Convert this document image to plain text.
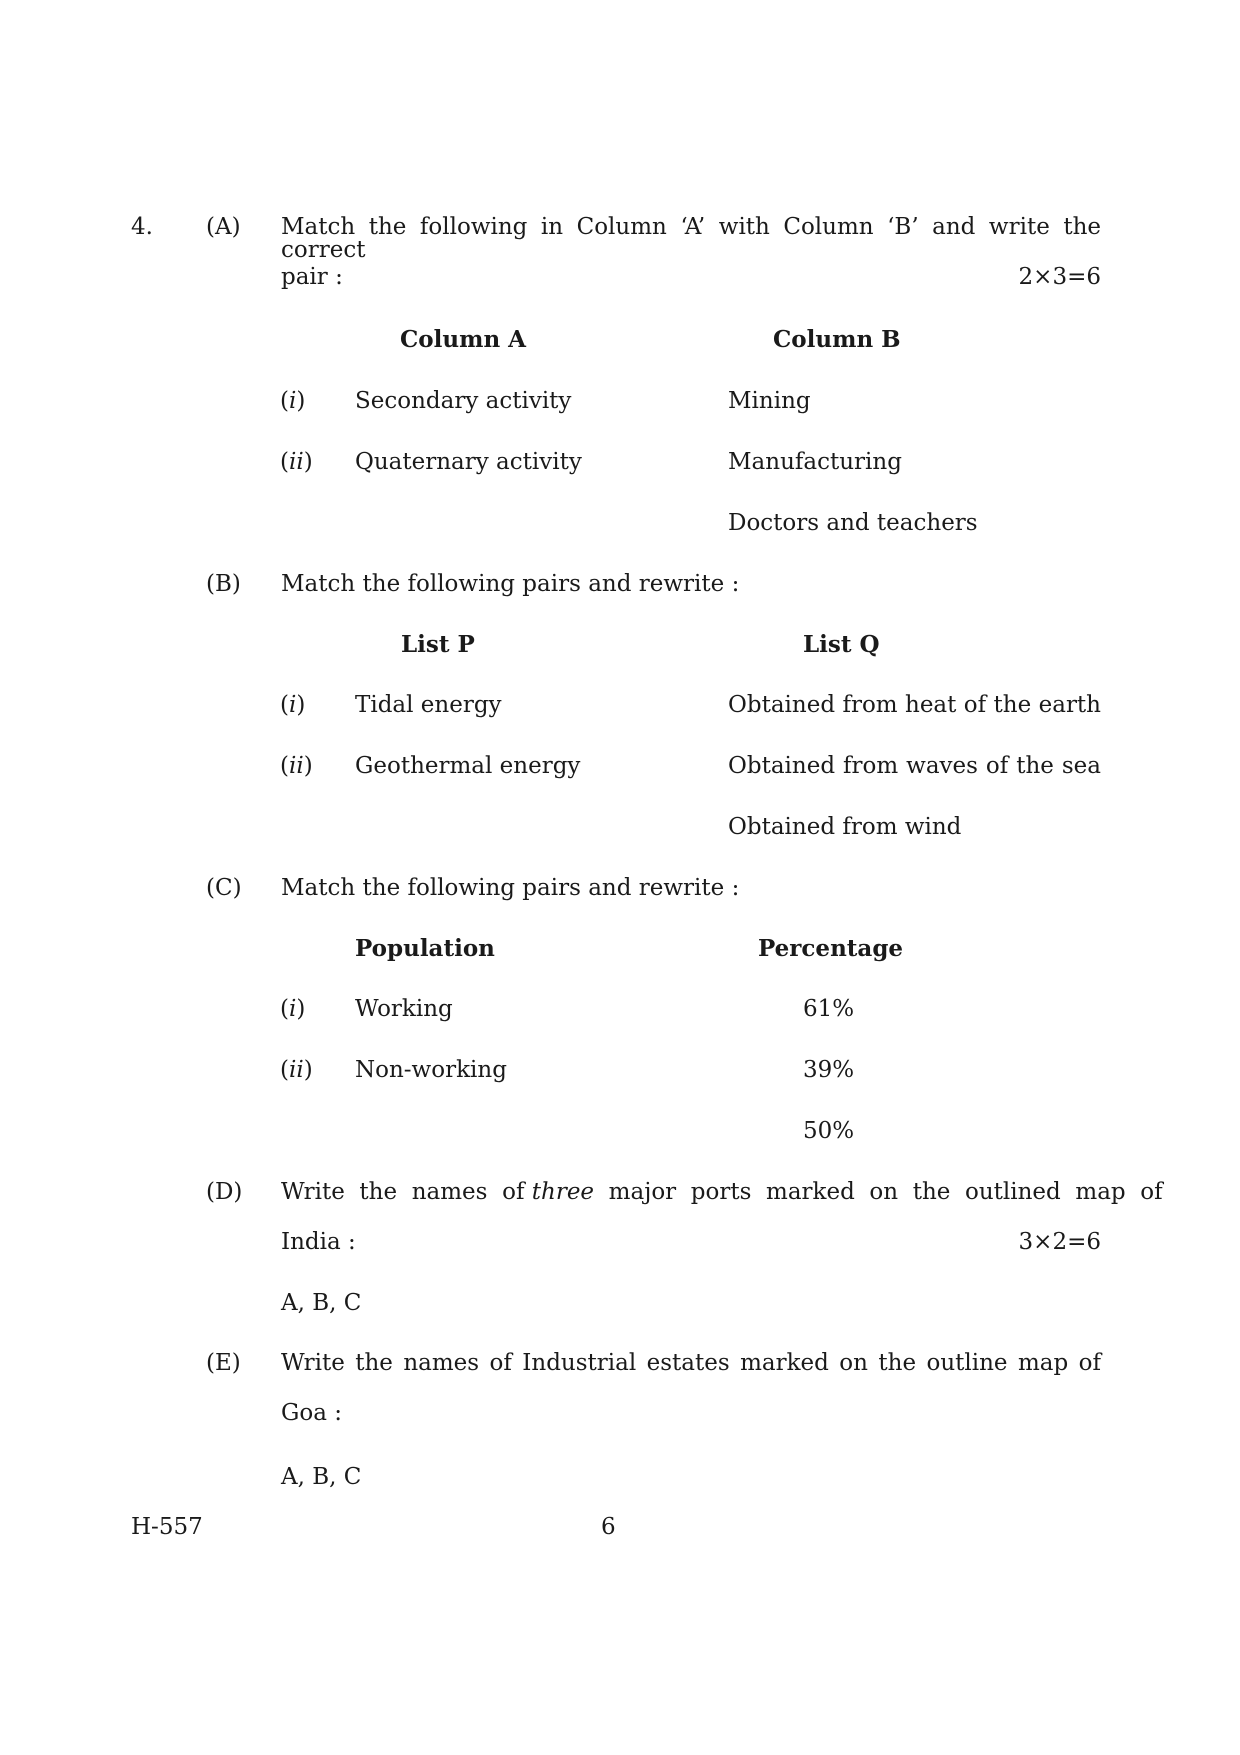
4. (A) Match the following in Column ‘A’ with Column ‘B’ and write the correct
pair :	2×3=6
Column A	Column B
(i) Secondary activity	Mining
(ii) Quaternary activity	Manufacturing
Doctors and teachers
(B) Match the following pairs and rewrite :
List P	List Q
(i) Tidal energy	Obtained from heat of the earth
(ii) Geothermal energy	Obtained from waves of the sea
Obtained from wind
(C) Match the following pairs and rewrite :
Population	Percentage
(i) Working	61%
(ii) Non-working	39%
50%
(D) Write  the  names  of three major  ports  marked  on  the  outlined  map  of
India :	3×2=6
A, B, C
(E) Write the names of Industrial estates marked on the outline map of
Goa :
A, B, C
H-557	6
